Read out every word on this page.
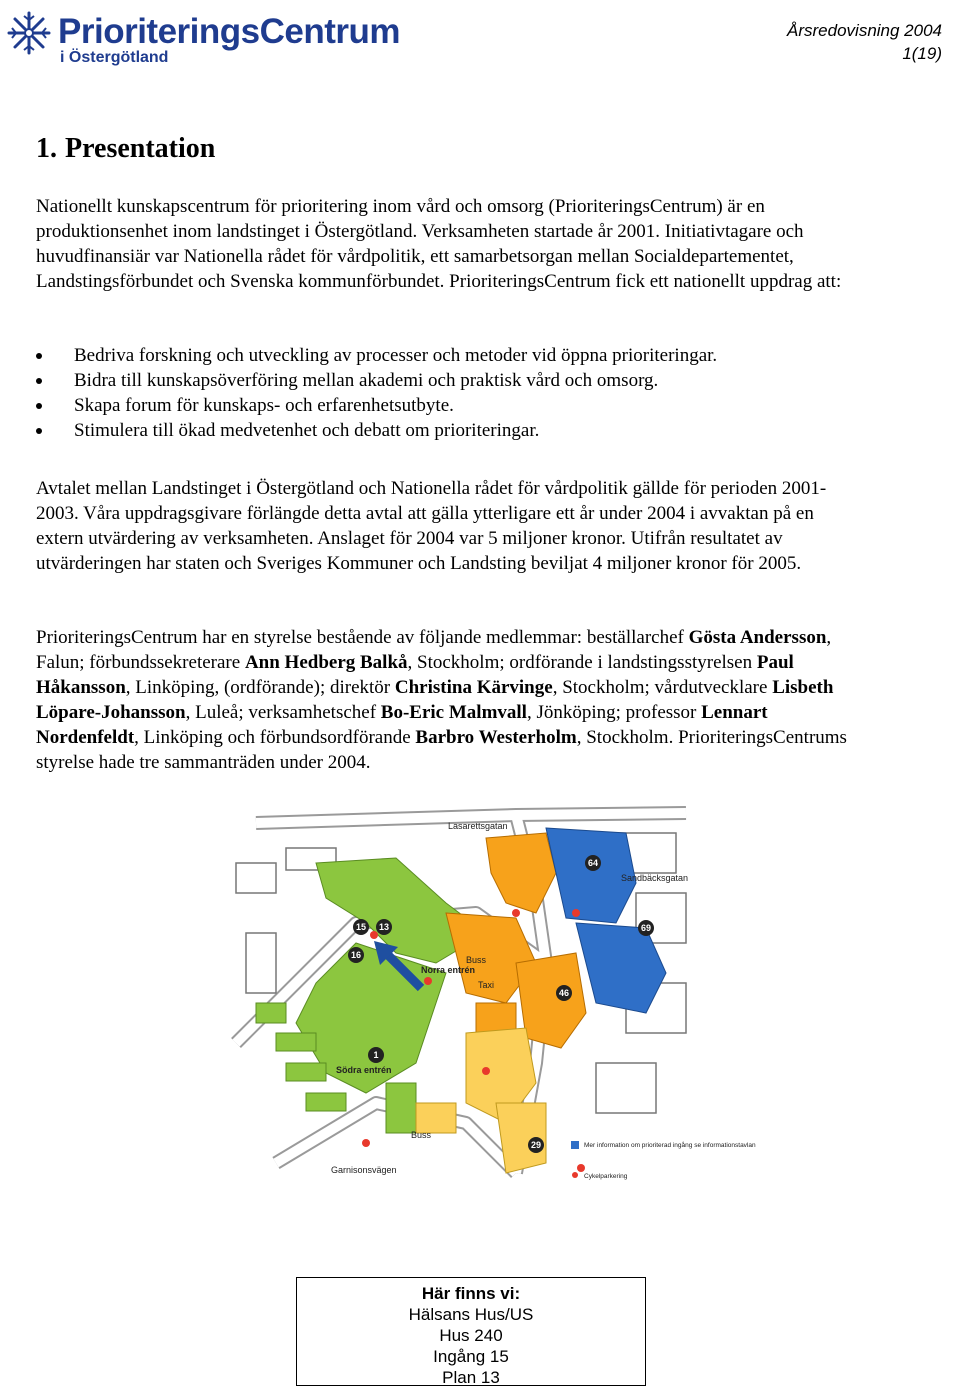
PrioriteringsCentrum
i Östergötland
Årsredovisning 2004
1(19)
1. Presentation

Nationellt kunskapscentrum för prioritering inom vård och omsorg (PrioriteringsCentrum) är en produktionsenhet inom landstinget i Östergötland. Verksamheten startade år 2001. Initiativtagare och huvudfinansiär var Nationella rådet för vårdpolitik, ett samarbetsorgan mellan Socialdepartementet, Landstingsförbundet och Svenska kommunförbundet. PrioriteringsCentrum fick ett nationellt uppdrag att:

Bedriva forskning och utveckling av processer och metoder vid öppna prioriteringar.
Bidra till kunskapsöverföring mellan akademi och praktisk vård och omsorg.
Skapa forum för kunskaps- och erfarenhetsutbyte.
Stimulera till ökad medvetenhet och debatt om prioriteringar.

Avtalet mellan Landstinget i Östergötland och Nationella rådet för vårdpolitik gällde för perioden 2001-2003. Våra uppdragsgivare förlängde detta avtal att gälla ytterligare ett år under 2004 i avvaktan på en extern utvärdering av verksamheten. Anslaget för 2004 var 5 miljoner kronor. Utifrån resultatet av utvärderingen har staten och Sveriges Kommuner och Landsting beviljat 4 miljoner kronor för 2005.

PrioriteringsCentrum har en styrelse bestående av följande medlemmar: beställarchef Gösta Andersson, Falun; förbundssekreterare Ann Hedberg Balkå, Stockholm; ordförande i landstingsstyrelsen Paul Håkansson, Linköping, (ordförande); direktör Christina Kärvinge, Stockholm; vårdutvecklare Lisbeth Löpare-Johansson, Luleå; verksamhetschef Bo-Eric Malmvall, Jönköping; professor Lennart Nordenfeldt, Linköping och förbundsordförande Barbro Westerholm, Stockholm. PrioriteringsCentrums styrelse hade tre sammanträden under 2004.

15 13
16
64
69
46
1
29
Lasarettsgatan
Sandbäcksgatan
Garnisonsvägen
Norra entrén
Södra entrén
Buss
Taxi
Buss
Mer information om prioriterad ingång se informationstavlan
Cykelparkering
Här finns vi:
Hälsans Hus/US
Hus 240
Ingång 15
Plan 13
